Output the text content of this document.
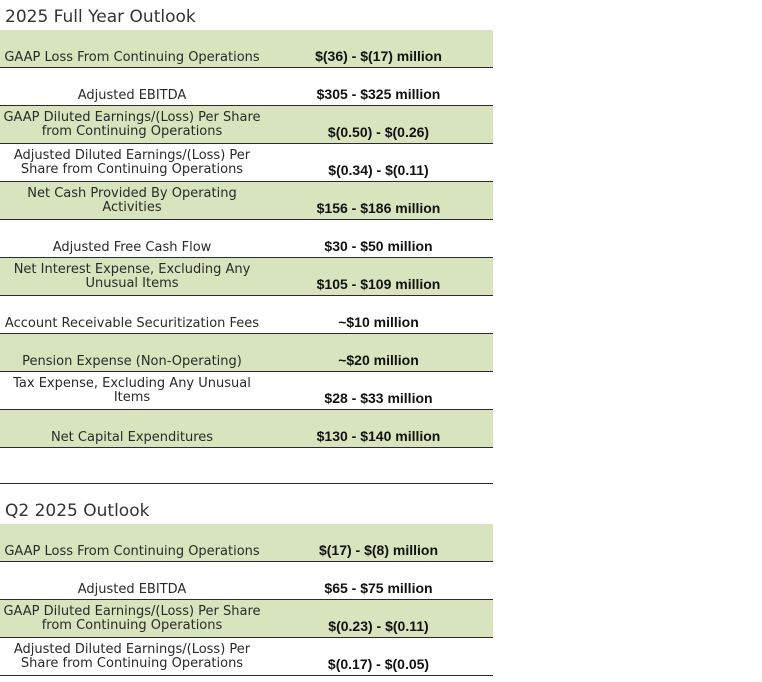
2025 Full Year Outlook
GAAP Loss From Continuing Operations	$(36) - $(17) million
Adjusted EBITDA	$305 - $325 million
GAAP Diluted Earnings/(Loss) Per Share from Continuing Operations	$(0.50) - $(0.26)
Adjusted Diluted Earnings/(Loss) Per Share from Continuing Operations	$(0.34) - $(0.11)
Net Cash Provided By Operating Activities	$156 - $186 million
Adjusted Free Cash Flow	$30 - $50 million
Net Interest Expense, Excluding Any Unusual Items	$105 - $109 million
Account Receivable Securitization Fees	~$10 million
Pension Expense (Non-Operating)	~$20 million
Tax Expense, Excluding Any Unusual Items	$28 - $33 million
Net Capital Expenditures	$130 - $140 million
Q2 2025 Outlook
GAAP Loss From Continuing Operations	$(17) - $(8) million
Adjusted EBITDA	$65 - $75 million
GAAP Diluted Earnings/(Loss) Per Share from Continuing Operations	$(0.23) - $(0.11)
Adjusted Diluted Earnings/(Loss) Per Share from Continuing Operations	$(0.17) - $(0.05)
